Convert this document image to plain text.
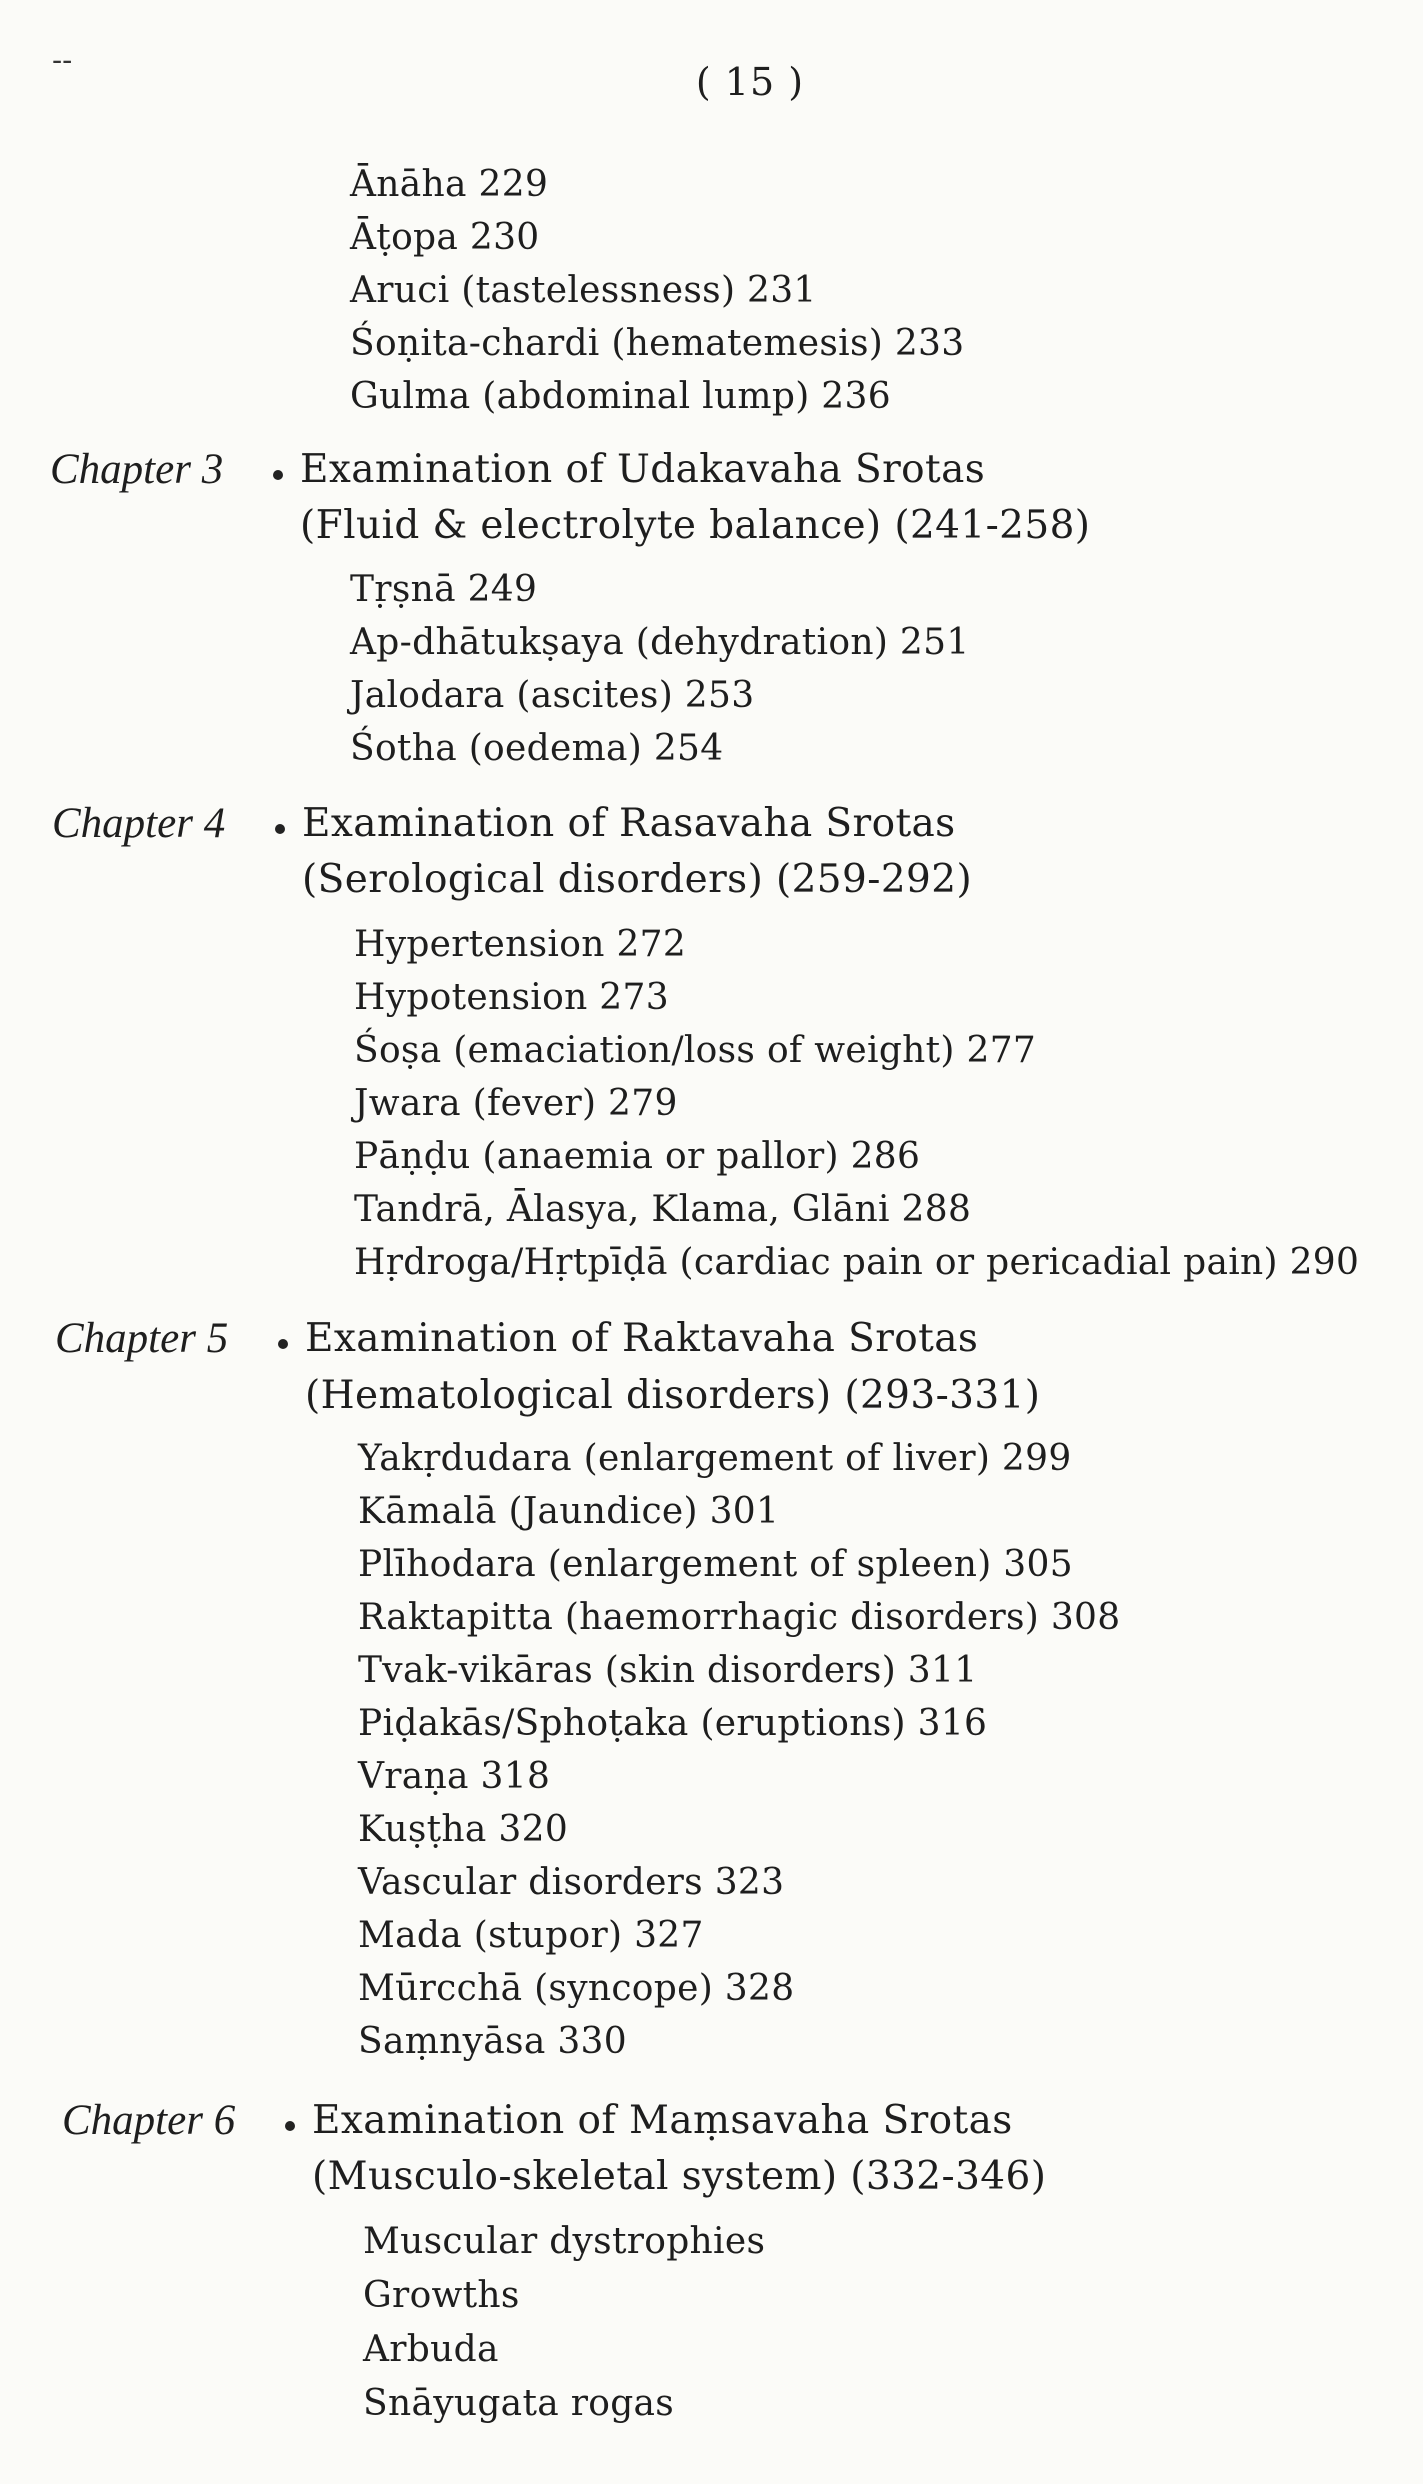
--	( 15 )
Ānāha 229
Āṭopa 230
Aruci (tastelessness) 231
Śoṇita-chardi (hematemesis) 233
Gulma (abdominal lump) 236
Chapter 3 Examination of Udakavaha Srotas
(Fluid & electrolyte balance) (241-258)
Tṛṣnā 249
Ap-dhātukṣaya (dehydration) 251
Jalodara (ascites) 253
Śotha (oedema) 254
Chapter 4 Examination of Rasavaha Srotas
(Serological disorders) (259-292)
Hypertension 272
Hypotension 273
Śoṣa (emaciation/loss of weight) 277
Jwara (fever) 279
Pāṇḍu (anaemia or pallor) 286
Tandrā, Ālasya, Klama, Glāni 288
Hṛdroga/Hṛtpīḍā (cardiac pain or pericadial pain) 290
Chapter 5 Examination of Raktavaha Srotas
(Hematological disorders) (293-331)
Yakṛdudara (enlargement of liver) 299
Kāmalā (Jaundice) 301
Plīhodara (enlargement of spleen) 305
Raktapitta (haemorrhagic disorders) 308
Tvak-vikāras (skin disorders) 311
Piḍakās/Sphoṭaka (eruptions) 316
Vraṇa 318
Kuṣṭha 320
Vascular disorders 323
Mada (stupor) 327
Mūrcchā (syncope) 328
Saṃnyāsa 330
Chapter 6 Examination of Maṃsavaha Srotas
(Musculo-skeletal system) (332-346)
Muscular dystrophies
Growths
Arbuda
Snāyugata rogas
